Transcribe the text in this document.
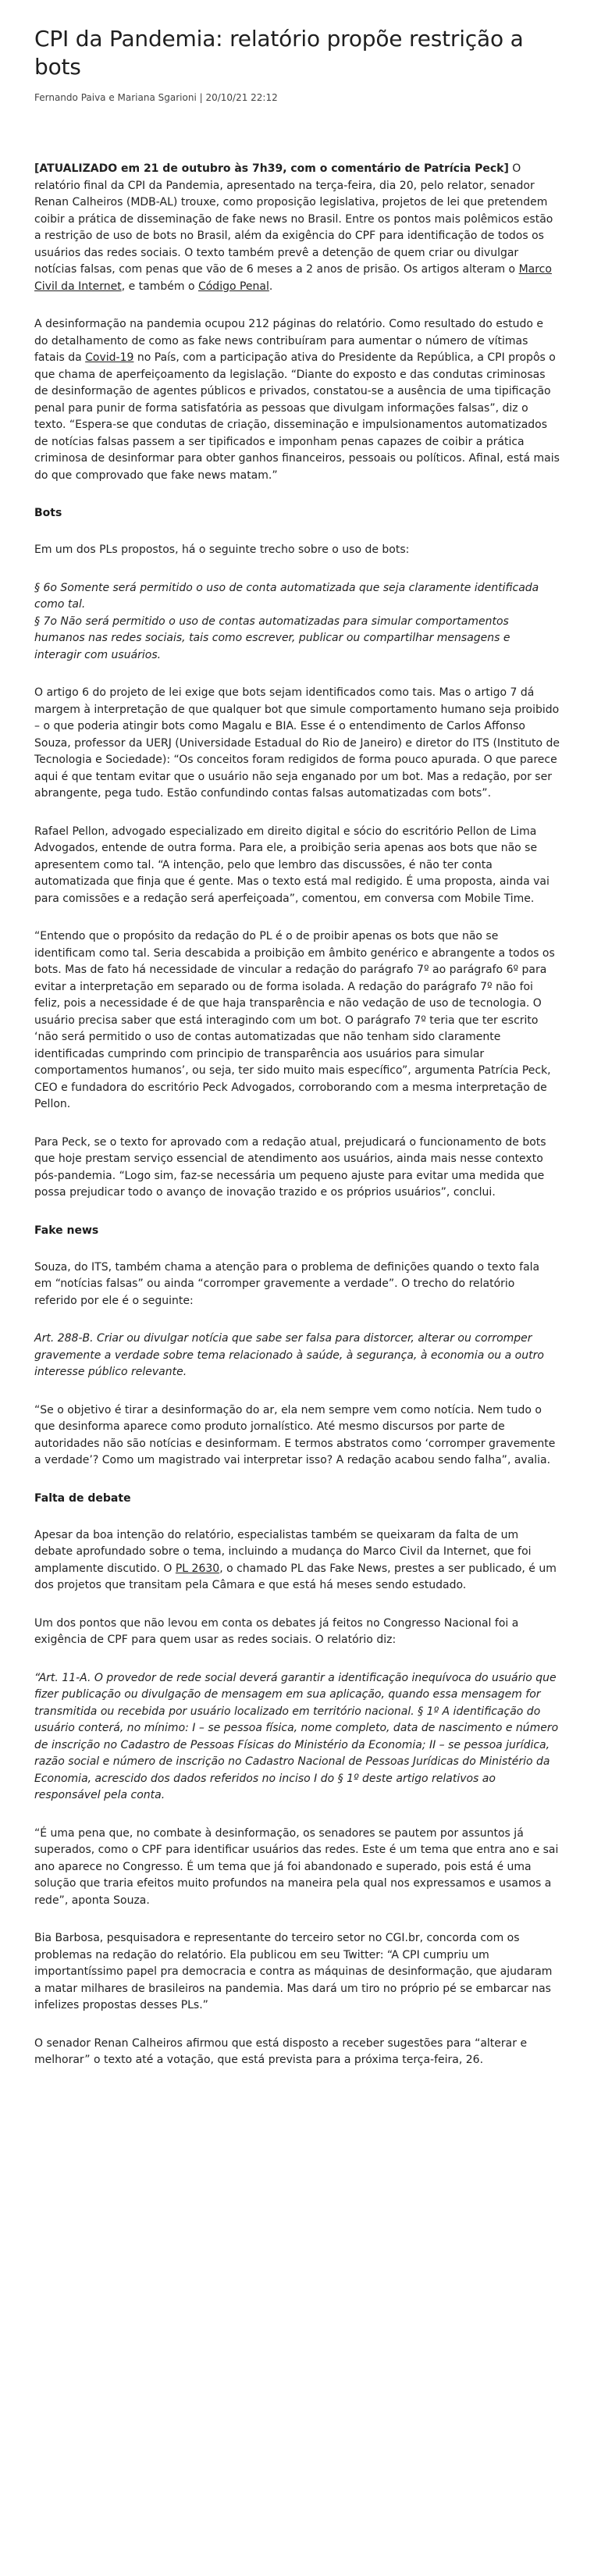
CPI da Pandemia: relatório propõe restrição a bots
Fernando Paiva e Mariana Sgarioni | 20/10/21 22:12

[ATUALIZADO em 21 de outubro às 7h39, com o comentário de Patrícia Peck] O relatório final da CPI da Pandemia, apresentado na terça-feira, dia 20, pelo relator, senador Renan Calheiros (MDB-AL) trouxe, como proposição legislativa, projetos de lei que pretendem coibir a prática de disseminação de fake news no Brasil. Entre os pontos mais polêmicos estão a restrição de uso de bots no Brasil, além da exigência do CPF para identificação de todos os usuários das redes sociais. O texto também prevê a detenção de quem criar ou divulgar notícias falsas, com penas que vão de 6 meses a 2 anos de prisão. Os artigos alteram o Marco Civil da Internet, e também o Código Penal.

A desinformação na pandemia ocupou 212 páginas do relatório. Como resultado do estudo e do detalhamento de como as fake news contribuíram para aumentar o número de vítimas fatais da Covid-19 no País, com a participação ativa do Presidente da República, a CPI propôs o que chama de aperfeiçoamento da legislação. “Diante do exposto e das condutas criminosas de desinformação de agentes públicos e privados, constatou-se a ausência de uma tipificação penal para punir de forma satisfatória as pessoas que divulgam informações falsas”, diz o texto. “Espera-se que condutas de criação, disseminação e impulsionamentos automatizados de notícias falsas passem a ser tipificados e imponham penas capazes de coibir a prática criminosa de desinformar para obter ganhos financeiros, pessoais ou políticos. Afinal, está mais do que comprovado que fake news matam.”

Bots

Em um dos PLs propostos, há o seguinte trecho sobre o uso de bots:

§ 6o Somente será permitido o uso de conta automatizada que seja claramente identificada como tal.

§ 7o Não será permitido o uso de contas automatizadas para simular comportamentos humanos nas redes sociais, tais como escrever, publicar ou compartilhar mensagens e interagir com usuários.

O artigo 6 do projeto de lei exige que bots sejam identificados como tais. Mas o artigo 7 dá margem à interpretação de que qualquer bot que simule comportamento humano seja proibido – o que poderia atingir bots como Magalu e BIA. Esse é o entendimento de Carlos Affonso Souza, professor da UERJ (Universidade Estadual do Rio de Janeiro) e diretor do ITS (Instituto de Tecnologia e Sociedade): “Os conceitos foram redigidos de forma pouco apurada. O que parece aqui é que tentam evitar que o usuário não seja enganado por um bot. Mas a redação, por ser abrangente, pega tudo. Estão confundindo contas falsas automatizadas com bots”.

Rafael Pellon, advogado especializado em direito digital e sócio do escritório Pellon de Lima Advogados, entende de outra forma. Para ele, a proibição seria apenas aos bots que não se apresentem como tal. “A intenção, pelo que lembro das discussões, é não ter conta automatizada que finja que é gente. Mas o texto está mal redigido. É uma proposta, ainda vai para comissões e a redação será aperfeiçoada”, comentou, em conversa com Mobile Time.

“Entendo que o propósito da redação do PL é o de proibir apenas os bots que não se identificam como tal. Seria descabida a proibição em âmbito genérico e abrangente a todos os bots. Mas de fato há necessidade de vincular a redação do parágrafo 7º ao parágrafo 6º para evitar a interpretação em separado ou de forma isolada. A redação do parágrafo 7º não foi feliz, pois a necessidade é de que haja transparência e não vedação de uso de tecnologia. O usuário precisa saber que está interagindo com um bot. O parágrafo 7º teria que ter escrito ‘não será permitido o uso de contas automatizadas que não tenham sido claramente identificadas cumprindo com principio de transparência aos usuários para simular comportamentos humanos’, ou seja, ter sido muito mais específico”, argumenta Patrícia Peck, CEO e fundadora do escritório Peck Advogados, corroborando com a mesma interpretação de Pellon.

Para Peck, se o texto for aprovado com a redação atual, prejudicará o funcionamento de bots que hoje prestam serviço essencial de atendimento aos usuários, ainda mais nesse contexto pós-pandemia. “Logo sim, faz-se necessária um pequeno ajuste para evitar uma medida que possa prejudicar todo o avanço de inovação trazido e os próprios usuários”, conclui.

Fake news

Souza, do ITS, também chama a atenção para o problema de definições quando o texto fala em “notícias falsas” ou ainda “corromper gravemente a verdade”. O trecho do relatório referido por ele é o seguinte:

Art. 288-B. Criar ou divulgar notícia que sabe ser falsa para distorcer, alterar ou corromper gravemente a verdade sobre tema relacionado à saúde, à segurança, à economia ou a outro interesse público relevante.

“Se o objetivo é tirar a desinformação do ar, ela nem sempre vem como notícia. Nem tudo o que desinforma aparece como produto jornalístico. Até mesmo discursos por parte de autoridades não são notícias e desinformam. E termos abstratos como ‘corromper gravemente a verdade’? Como um magistrado vai interpretar isso? A redação acabou sendo falha”, avalia.

Falta de debate

Apesar da boa intenção do relatório, especialistas também se queixaram da falta de um debate aprofundado sobre o tema, incluindo a mudança do Marco Civil da Internet, que foi amplamente discutido. O PL 2630, o chamado PL das Fake News, prestes a ser publicado, é um dos projetos que transitam pela Câmara e que está há meses sendo estudado.

Um dos pontos que não levou em conta os debates já feitos no Congresso Nacional foi a exigência de CPF para quem usar as redes sociais. O relatório diz:

“Art. 11-A. O provedor de rede social deverá garantir a identificação inequívoca do usuário que fizer publicação ou divulgação de mensagem em sua aplicação, quando essa mensagem for transmitida ou recebida por usuário localizado em território nacional. § 1º A identificação do usuário conterá, no mínimo: I – se pessoa física, nome completo, data de nascimento e número de inscrição no Cadastro de Pessoas Físicas do Ministério da Economia; II – se pessoa jurídica, razão social e número de inscrição no Cadastro Nacional de Pessoas Jurídicas do Ministério da Economia, acrescido dos dados referidos no inciso I do § 1º deste artigo relativos ao responsável pela conta.

“É uma pena que, no combate à desinformação, os senadores se pautem por assuntos já superados, como o CPF para identificar usuários das redes. Este é um tema que entra ano e sai ano aparece no Congresso. É um tema que já foi abandonado e superado, pois está é uma solução que traria efeitos muito profundos na maneira pela qual nos expressamos e usamos a rede”, aponta Souza.

Bia Barbosa, pesquisadora e representante do terceiro setor no CGI.br, concorda com os problemas na redação do relatório. Ela publicou em seu Twitter: “A CPI cumpriu um importantíssimo papel pra democracia e contra as máquinas de desinformação, que ajudaram a matar milhares de brasileiros na pandemia. Mas dará um tiro no próprio pé se embarcar nas infelizes propostas desses PLs.”

O senador Renan Calheiros afirmou que está disposto a receber sugestões para “alterar e melhorar” o texto até a votação, que está prevista para a próxima terça-feira, 26.
